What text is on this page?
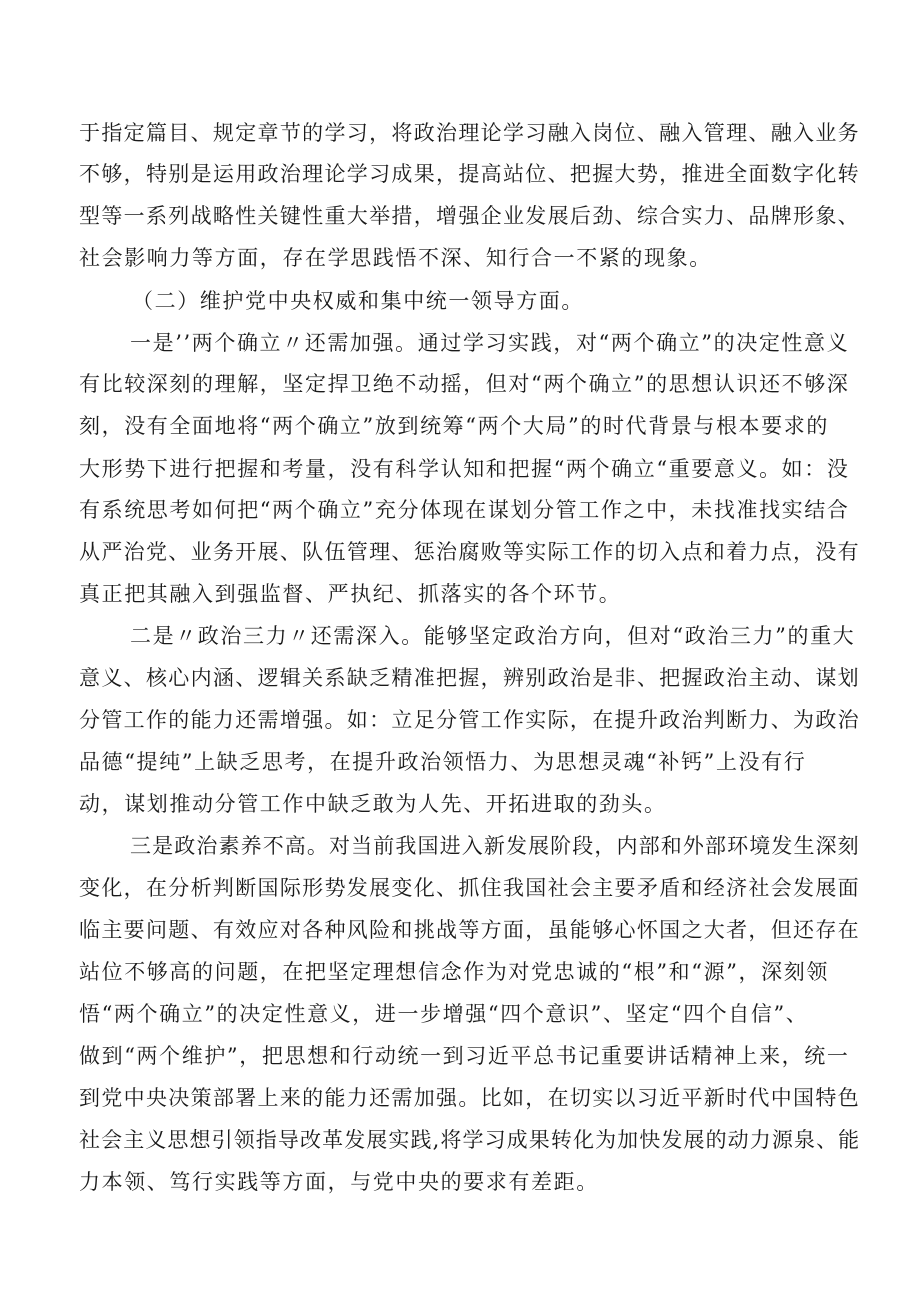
于指定篇目、规定章节的学习，将政治理论学习融入岗位、融入管理、融入业务
不够，特别是运用政治理论学习成果，提高站位、把握大势，推进全面数字化转
型等一系列战略性关键性重大举措，增强企业发展后劲、综合实力、品牌形象、
社会影响力等方面，存在学思践悟不深、知行合一不紧的现象。
（二）维护党中央权威和集中统一领导方面。
一是’’两个确立〃还需加强。通过学习实践，对“两个确立”的决定性意义
有比较深刻的理解，坚定捍卫绝不动摇，但对“两个确立”的思想认识还不够深
刻，没有全面地将“两个确立”放到统筹“两个大局”的时代背景与根本要求的
大形势下进行把握和考量，没有科学认知和把握“两个确立“重要意义。如：没
有系统思考如何把“两个确立”充分体现在谋划分管工作之中，未找准找实结合
从严治党、业务开展、队伍管理、惩治腐败等实际工作的切入点和着力点，没有
真正把其融入到强监督、严执纪、抓落实的各个环节。
二是〃政治三力〃还需深入。能够坚定政治方向，但对“政治三力”的重大
意义、核心内涵、逻辑关系缺乏精准把握，辨别政治是非、把握政治主动、谋划
分管工作的能力还需增强。如：立足分管工作实际，在提升政治判断力、为政治
品德“提纯”上缺乏思考，在提升政治领悟力、为思想灵魂“补钙”上没有行
动，谋划推动分管工作中缺乏敢为人先、开拓进取的劲头。
三是政治素养不高。对当前我国进入新发展阶段，内部和外部环境发生深刻
变化，在分析判断国际形势发展变化、抓住我国社会主要矛盾和经济社会发展面
临主要问题、有效应对各种风险和挑战等方面，虽能够心怀国之大者，但还存在
站位不够高的问题，在把坚定理想信念作为对党忠诚的“根”和“源”，深刻领
悟“两个确立”的决定性意义，进一步增强“四个意识”、坚定“四个自信”、
做到“两个维护”，把思想和行动统一到习近平总书记重要讲话精神上来，统一
到党中央决策部署上来的能力还需加强。比如，在切实以习近平新时代中国特色
社会主义思想引领指导改革发展实践,将学习成果转化为加快发展的动力源泉、能
力本领、笃行实践等方面，与党中央的要求有差距。
